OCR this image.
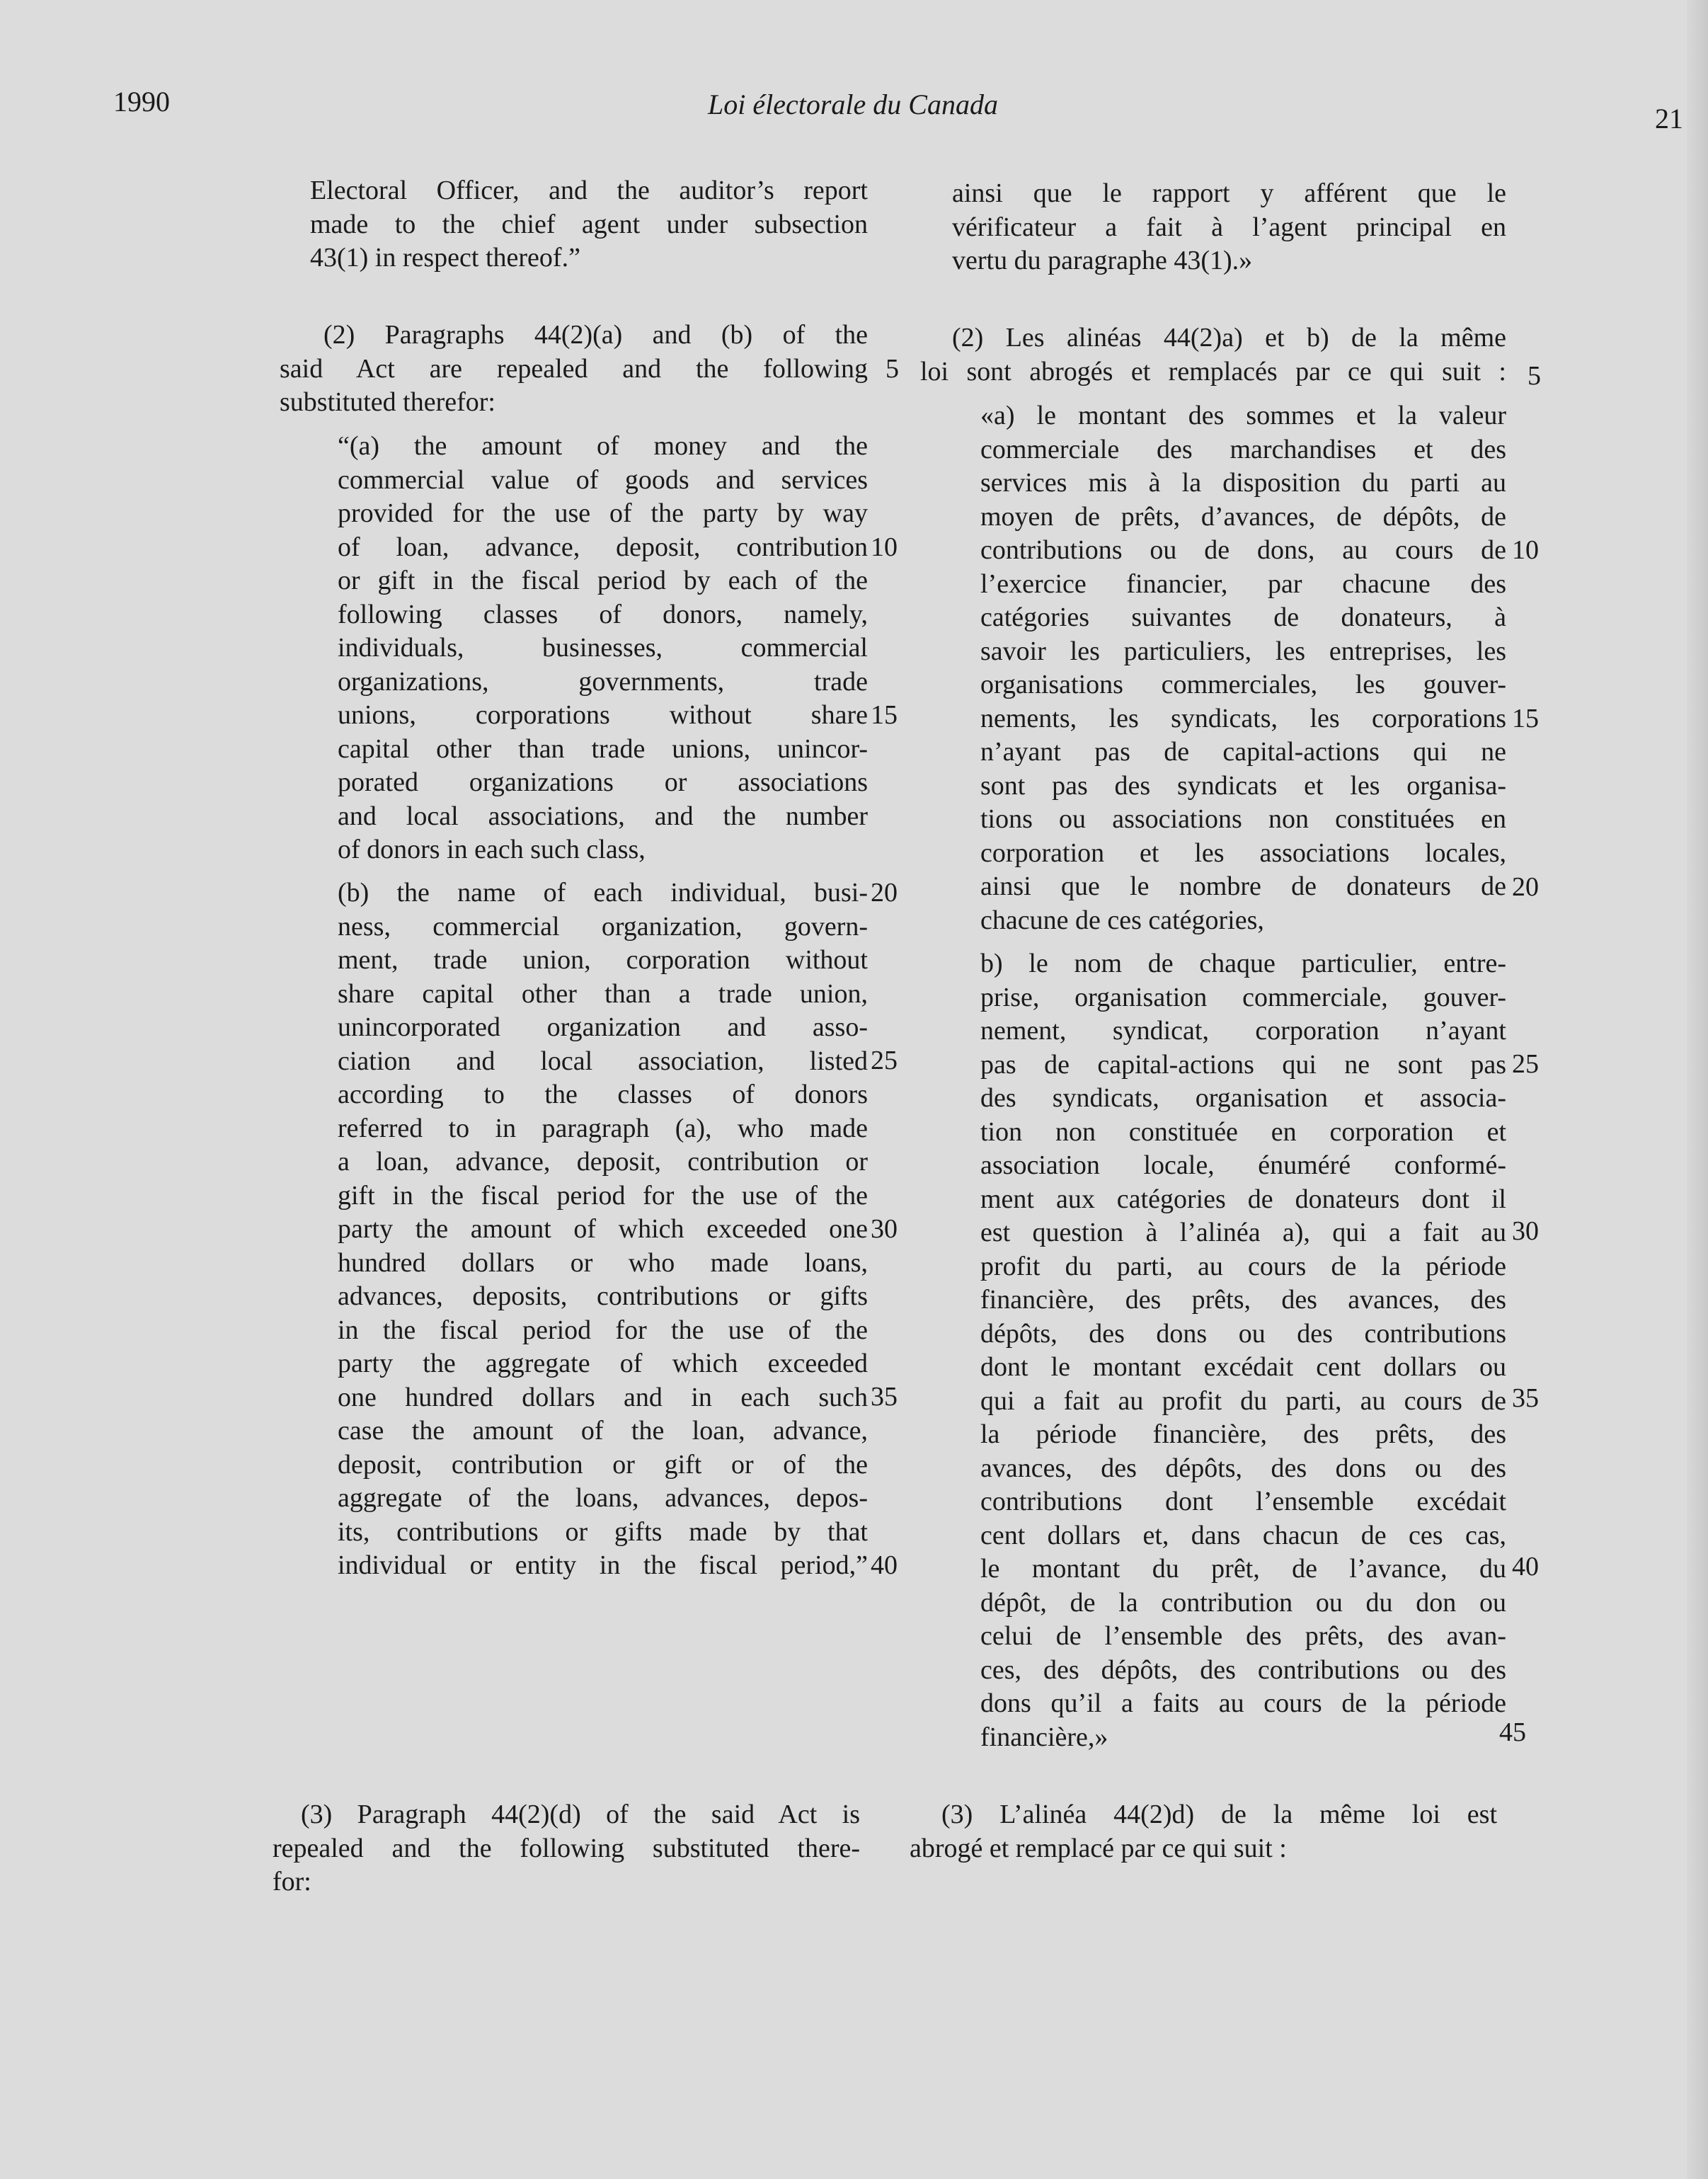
1990	Loi électorale du Canada	21

Electoral Officer, and the auditor’s report

made to the chief agent under subsection

43(1) in respect thereof.”

(2) Paragraphs 44(2)(a) and (b) of the

said Act are repealed and the following

substituted therefor:

“(a) the amount of money and the

commercial value of goods and services

provided for the use of the party by way

of loan, advance, deposit, contribution

or gift in the fiscal period by each of the

following classes of donors, namely,

individuals, businesses, commercial

organizations, governments, trade

unions, corporations without share

capital other than trade unions, unincor-

porated organizations or associations

and local associations, and the number

of donors in each such class,

(b) the name of each individual, busi-

ness, commercial organization, govern-

ment, trade union, corporation without

share capital other than a trade union,

unincorporated organization and asso-

ciation and local association, listed

according to the classes of donors

referred to in paragraph (a), who made

a loan, advance, deposit, contribution or

gift in the fiscal period for the use of the

party the amount of which exceeded one

hundred dollars or who made loans,

advances, deposits, contributions or gifts

in the fiscal period for the use of the

party the aggregate of which exceeded

one hundred dollars and in each such

case the amount of the loan, advance,

deposit, contribution or gift or of the

aggregate of the loans, advances, depos-

its, contributions or gifts made by that

individual or entity in the fiscal period,”

(3) Paragraph 44(2)(d) of the said Act is

repealed and the following substituted there-

for:

5
10
15
20
25
30
35
40

ainsi que le rapport y afférent que le

vérificateur a fait à l’agent principal en

vertu du paragraphe 43(1).»

(2) Les alinéas 44(2)a) et b) de la même

loi sont abrogés et remplacés par ce qui suit :

«a) le montant des sommes et la valeur

commerciale des marchandises et des

services mis à la disposition du parti au

moyen de prêts, d’avances, de dépôts, de

contributions ou de dons, au cours de

l’exercice financier, par chacune des

catégories suivantes de donateurs, à

savoir les particuliers, les entreprises, les

organisations commerciales, les gouver-

nements, les syndicats, les corporations

n’ayant pas de capital-actions qui ne

sont pas des syndicats et les organisa-

tions ou associations non constituées en

corporation et les associations locales,

ainsi que le nombre de donateurs de

chacune de ces catégories,

b) le nom de chaque particulier, entre-

prise, organisation commerciale, gouver-

nement, syndicat, corporation n’ayant

pas de capital-actions qui ne sont pas

des syndicats, organisation et associa-

tion non constituée en corporation et

association locale, énuméré conformé-

ment aux catégories de donateurs dont il

est question à l’alinéa a), qui a fait au

profit du parti, au cours de la période

financière, des prêts, des avances, des

dépôts, des dons ou des contributions

dont le montant excédait cent dollars ou

qui a fait au profit du parti, au cours de

la période financière, des prêts, des

avances, des dépôts, des dons ou des

contributions dont l’ensemble excédait

cent dollars et, dans chacun de ces cas,

le montant du prêt, de l’avance, du

dépôt, de la contribution ou du don ou

celui de l’ensemble des prêts, des avan-

ces, des dépôts, des contributions ou des

dons qu’il a faits au cours de la période

financière,»

(3) L’alinéa 44(2)d) de la même loi est

abrogé et remplacé par ce qui suit :

5
10
15
20
25
30
35
40
45
